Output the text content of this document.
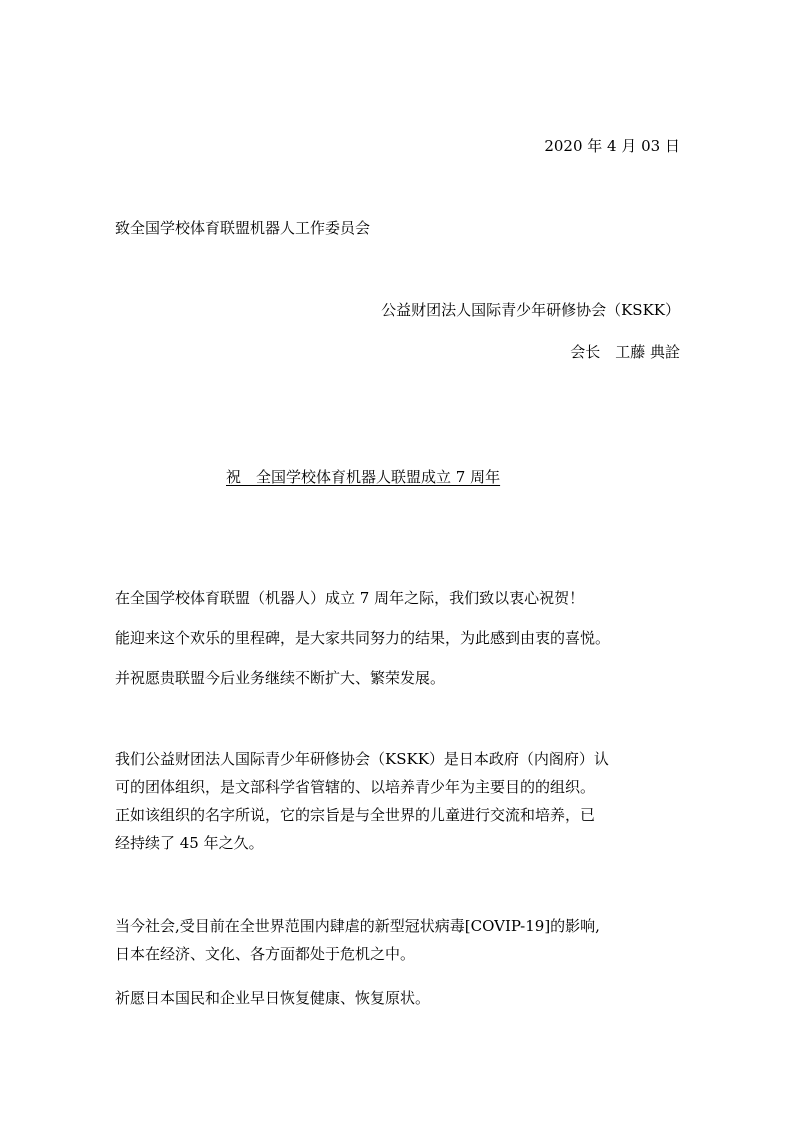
2020 年 4 月 03 日

致全国学校体育联盟机器人工作委员会

公益财团法人国际青少年研修协会（KSKK）

会长　工藤 典詮

祝　全国学校体育机器人联盟成立 7 周年

在全国学校体育联盟（机器人）成立 7 周年之际，我们致以衷心祝贺！
能迎来这个欢乐的里程碑，是大家共同努力的结果，为此感到由衷的喜悦。
并祝愿贵联盟今后业务继续不断扩大、繁荣发展。
我们公益财团法人国际青少年研修协会（KSKK）是日本政府（内阁府）认
可的团体组织，是文部科学省管辖的、以培养青少年为主要目的的组织。
正如该组织的名字所说，它的宗旨是与全世界的儿童进行交流和培养，已
经持续了 45 年之久。
当今社会,受目前在全世界范围内肆虐的新型冠状病毒[COVIP-19]的影响,
日本在经济、文化、各方面都处于危机之中。
祈愿日本国民和企业早日恢复健康、恢复原状。
